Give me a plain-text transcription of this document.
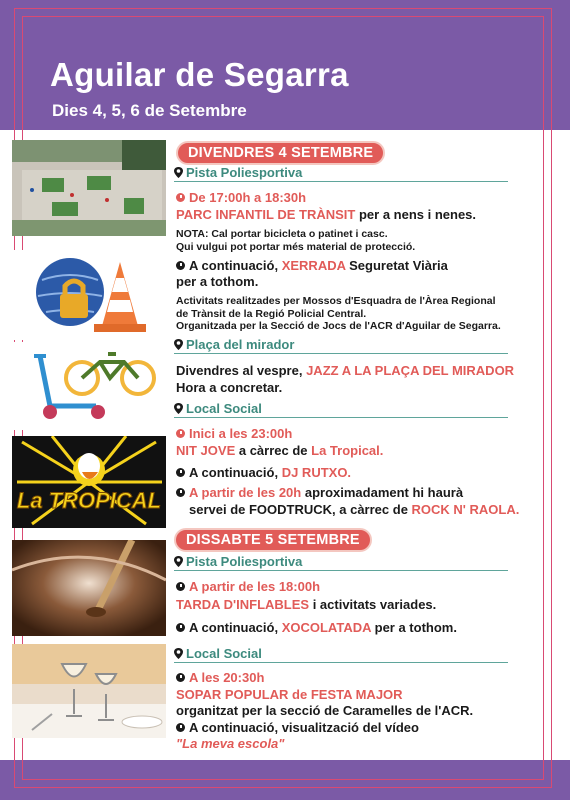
Aguilar de Segarra
Dies 4, 5, 6 de Setembre
La TROPICAL
DIVENDRES 4 SETEMBRE
Pista Poliesportiva
De 17:00h a 18:30h
PARC INFANTIL DE TRÀNSIT per a nens i nenes.
NOTA: Cal portar bicicleta o patinet i casc.
Qui vulgui pot portar més material de protecció.
A continuació, XERRADA Seguretat Viària
per a tothom.
Activitats realitzades per Mossos d'Esquadra de l'Àrea Regional
de Trànsit de la Regió Policial Central.
Organitzada per la Secció de Jocs de l'ACR d'Aguilar de Segarra.
Plaça del mirador
Divendres al vespre, JAZZ A LA PLAÇA DEL MIRADOR
Hora a concretar.
Local Social
Inici a les 23:00h
NIT JOVE a càrrec de La Tropical.
A continuació, DJ RUTXO.
A partir de les 20h aproximadament hi haurà
servei de FOODTRUCK, a càrrec de ROCK N' RAOLA.
DISSABTE 5 SETEMBRE
Pista Poliesportiva
A partir de les 18:00h
TARDA D'INFLABLES i activitats variades.
A continuació, XOCOLATADA per a tothom.
Local Social
A les 20:30h
SOPAR POPULAR de FESTA MAJOR
organitzat per la secció de Caramelles de l'ACR.
A continuació, visualització del vídeo
"La meva escola"
